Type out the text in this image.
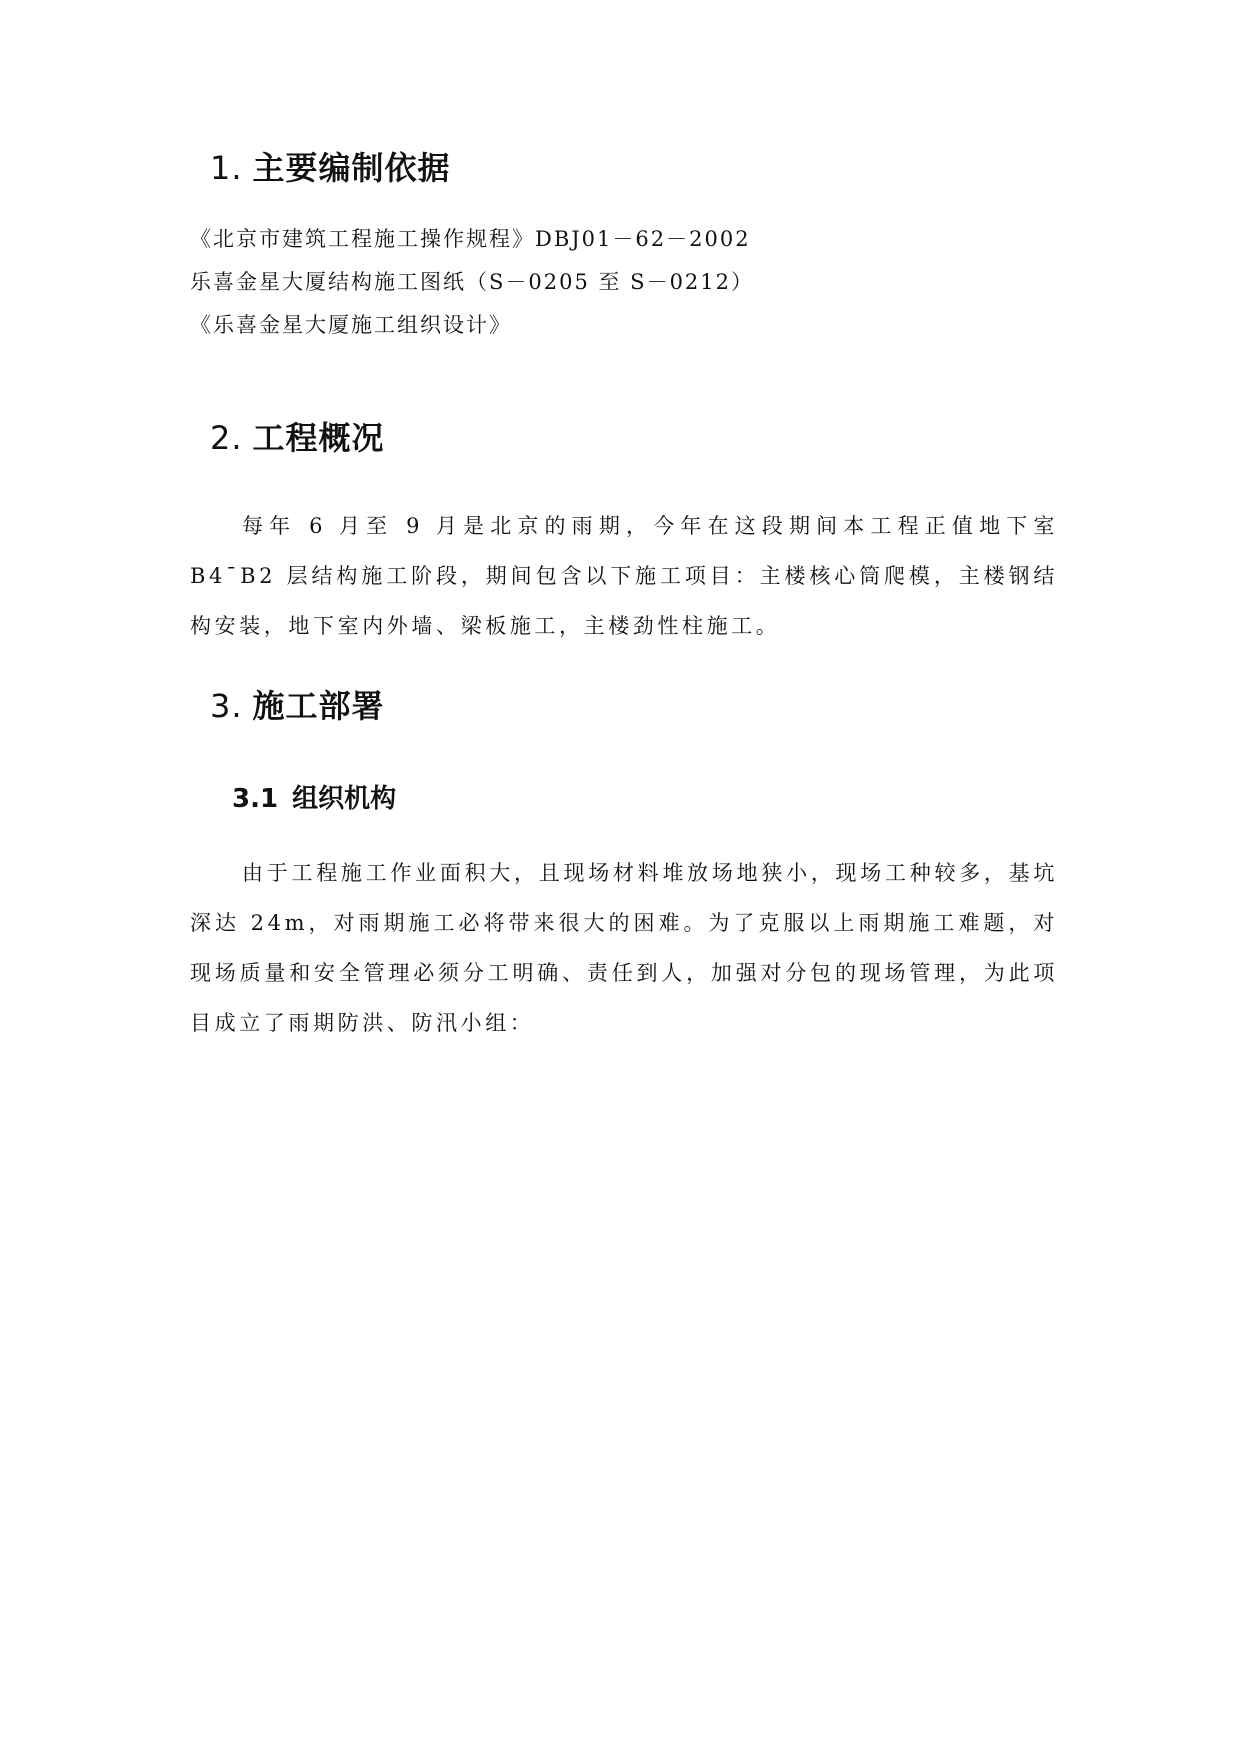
1. 主要编制依据
《北京市建筑工程施工操作规程》DBJ01－62－2002
乐喜金星大厦结构施工图纸（S－0205 至 S－0212）
《乐喜金星大厦施工组织设计》
2. 工程概况

每年 6 月至 9 月是北京的雨期，今年在这段期间本工程正值地下室 B4¯B2 层结构施工阶段，期间包含以下施工项目：主楼核心筒爬模，主楼钢结构安装，地下室内外墙、梁板施工，主楼劲性柱施工。

3. 施工部署
3.1 组织机构

由于工程施工作业面积大，且现场材料堆放场地狭小，现场工种较多，基坑深达 24m，对雨期施工必将带来很大的困难。为了克服以上雨期施工难题，对现场质量和安全管理必须分工明确、责任到人，加强对分包的现场管理，为此项目成立了雨期防洪、防汛小组：
